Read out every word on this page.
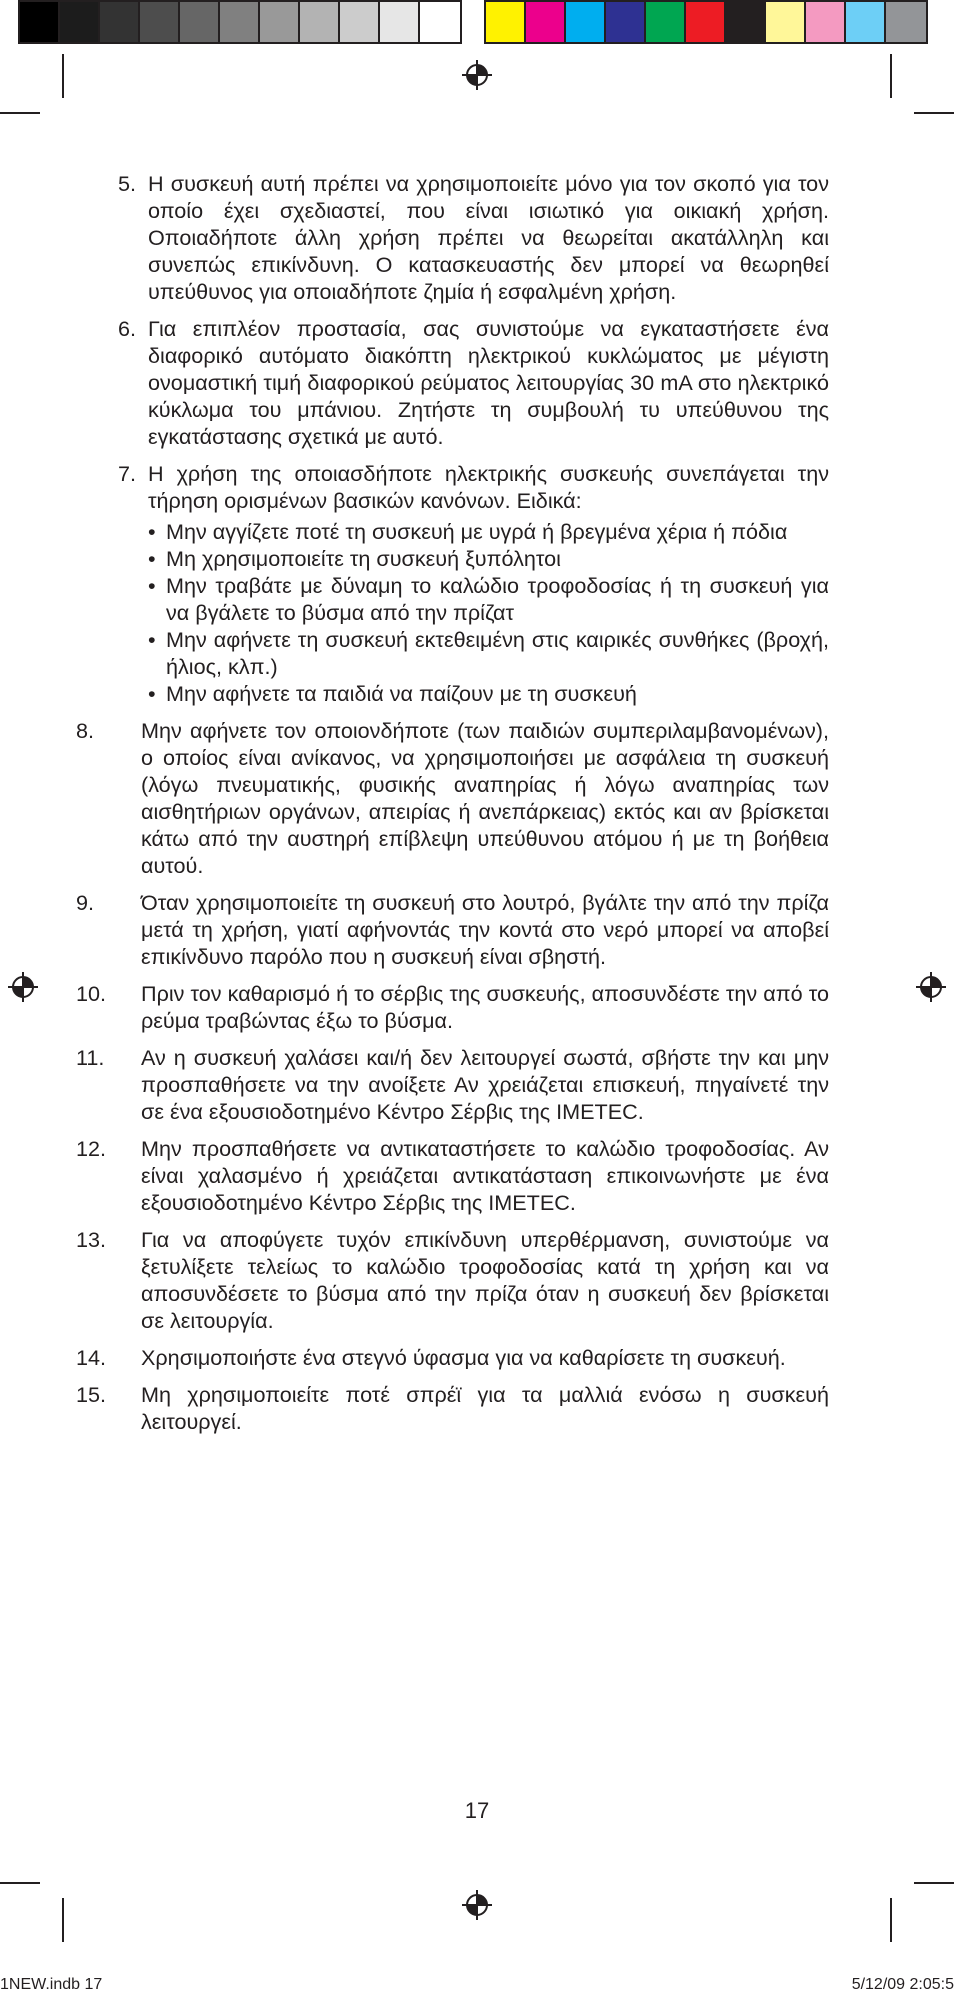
5. Η συσκευή αυτή πρέπει να χρησιμοποιείτε μόνο για τον σκοπό για τον οποίο έχει σχεδιαστεί, που είναι ισιωτικό για οικιακή χρήση. Οποιαδήποτε άλλη χρήση πρέπει να θεωρείται ακατάλληλη και συνεπώς επικίνδυνη. Ο κατασκευαστής δεν μπορεί να θεωρηθεί υπεύθυνος για οποιαδήποτε ζημία ή εσφαλμένη χρήση.

6. Για επιπλέον προστασία, σας συνιστούμε να εγκαταστήσετε ένα διαφορικό αυτόματο διακόπτη ηλεκτρικού κυκλώματος με μέγιστη ονομαστική τιμή διαφορικού ρεύματος λειτουργίας 30 mA στο ηλεκτρικό κύκλωμα του μπάνιου. Ζητήστε τη συμβουλή τυ υπεύθυνου της εγκατάστασης σχετικά με αυτό.

7. Η χρήση της οποιασδήποτε ηλεκτρικής συσκευής συνεπάγεται την τήρηση ορισμένων βασικών κανόνων. Ειδικά:

• Μην αγγίζετε ποτέ τη συσκευή με υγρά ή βρεγμένα χέρια ή πόδια
• Μη χρησιμοποιείτε τη συσκευή ξυπόλητοι
• Μην τραβάτε με δύναμη το καλώδιο τροφοδοσίας ή τη συσκευή για να βγάλετε το βύσμα από την πρίζατ
• Μην αφήνετε τη συσκευή εκτεθειμένη στις καιρικές συνθήκες (βροχή, ήλιος, κλπ.)
• Μην αφήνετε τα παιδιά να παίζουν με τη συσκευή
8. Μην αφήνετε τον οποιονδήποτε (των παιδιών συμπεριλαμβανομένων), ο οποίος είναι ανίκανος, να χρησιμοποιήσει με ασφάλεια τη συσκευή (λόγω πνευματικής, φυσικής αναπηρίας ή λόγω αναπηρίας των αισθητήριων οργάνων, απειρίας ή ανεπάρκειας) εκτός και αν βρίσκεται κάτω από την αυστηρή επίβλεψη υπεύθυνου ατόμου ή με τη βοήθεια αυτού.

9. Όταν χρησιμοποιείτε τη συσκευή στο λουτρό, βγάλτε την από την πρίζα μετά τη χρήση, γιατί αφήνοντάς την κοντά στο νερό μπορεί να αποβεί επικίνδυνο παρόλο που η συσκευή είναι σβηστή.

10. Πριν τον καθαρισμό ή το σέρβις της συσκευής, αποσυνδέστε την από το ρεύμα τραβώντας έξω το βύσμα.

11. Αν η συσκευή χαλάσει και/ή δεν λειτουργεί σωστά, σβήστε την και μην προσπαθήσετε να την ανοίξετε Αν χρειάζεται επισκευή, πηγαίνετέ την σε ένα εξουσιοδοτημένο Κέντρο Σέρβις της IMETEC.

12. Μην προσπαθήσετε να αντικαταστήσετε το καλώδιο τροφοδοσίας. Αν είναι χαλασμένο ή χρειάζεται αντικατάσταση επικοινωνήστε με ένα εξουσιοδοτημένο Κέντρο Σέρβις της IMETEC.

13. Για να αποφύγετε τυχόν επικίνδυνη υπερθέρμανση, συνιστούμε να ξετυλίξετε τελείως το καλώδιο τροφοδοσίας κατά τη χρήση και να αποσυνδέσετε το βύσμα από την πρίζα όταν η συσκευή δεν βρίσκεται σε λειτουργία.

14. Χρησιμοποιήστε ένα στεγνό ύφασμα για να καθαρίσετε τη συσκευή.

15. Μη χρησιμοποιείτε ποτέ σπρέϊ για τα μαλλιά ενόσω η συσκευή λειτουργεί.

17
1NEW.indb 17	5/12/09 2:05:5
